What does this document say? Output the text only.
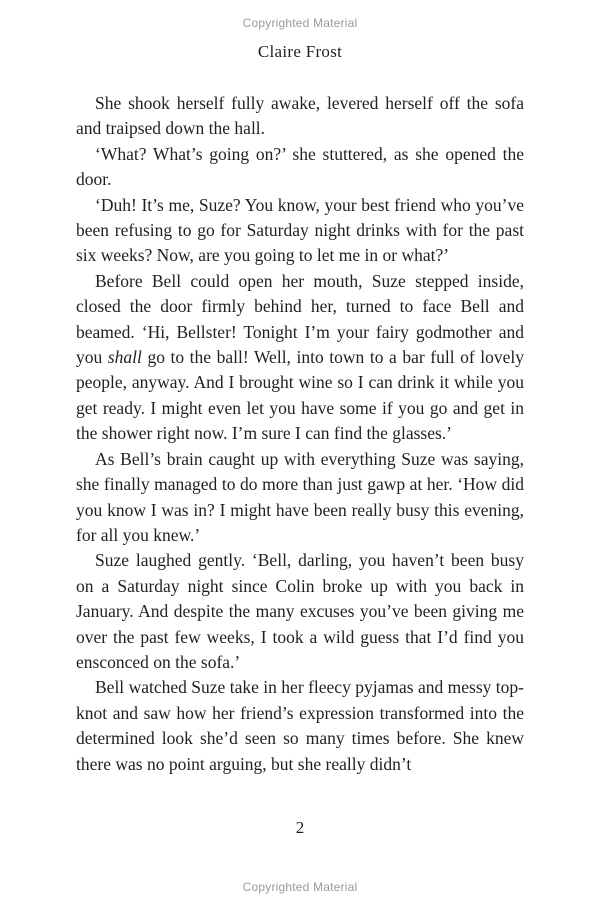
Copyrighted Material
Claire Frost

She shook herself fully awake, levered herself off the sofa and traipsed down the hall.

‘What? What’s going on?’ she stuttered, as she opened the door.

‘Duh! It’s me, Suze? You know, your best friend who you’ve been refusing to go for Saturday night drinks with for the past six weeks? Now, are you going to let me in or what?’

Before Bell could open her mouth, Suze stepped inside, closed the door firmly behind her, turned to face Bell and beamed. ‘Hi, Bellster! Tonight I’m your fairy godmother and you shall go to the ball! Well, into town to a bar full of lovely people, anyway. And I brought wine so I can drink it while you get ready. I might even let you have some if you go and get in the shower right now. I’m sure I can find the glasses.’

As Bell’s brain caught up with everything Suze was saying, she finally managed to do more than just gawp at her. ‘How did you know I was in? I might have been really busy this evening, for all you knew.’

Suze laughed gently. ‘Bell, darling, you haven’t been busy on a Saturday night since Colin broke up with you back in January. And despite the many excuses you’ve been giving me over the past few weeks, I took a wild guess that I’d find you ensconced on the sofa.’

Bell watched Suze take in her fleecy pyjamas and messy top-knot and saw how her friend’s expression transformed into the determined look she’d seen so many times before. She knew there was no point arguing, but she really didn’t

2
Copyrighted Material
